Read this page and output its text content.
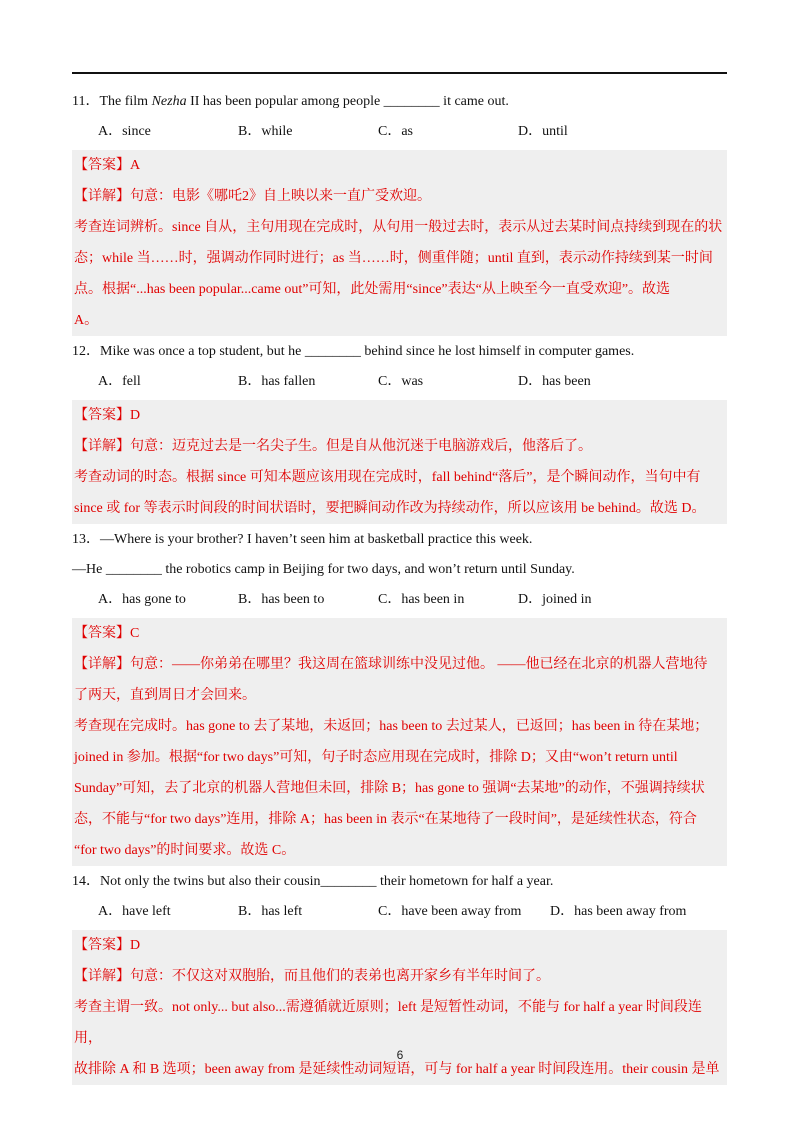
11．The film Nezha II has been popular among people ________ it came out.

A．since	B．while	C．as	D．until

【答案】A

【详解】句意：电影《哪吒2》自上映以来一直广受欢迎。

考查连词辨析。since 自从，主句用现在完成时，从句用一般过去时，表示从过去某时间点持续到现在的状

态；while 当……时，强调动作同时进行；as 当……时，侧重伴随；until 直到，表示动作持续到某一时间

点。根据“...has been popular...came out”可知，此处需用“since”表达“从上映至今一直受欢迎”。故选

A。

12．Mike was once a top student, but he ________ behind since he lost himself in computer games.

A．fell	B．has fallen	C．was	D．has been

【答案】D

【详解】句意：迈克过去是一名尖子生。但是自从他沉迷于电脑游戏后，他落后了。

考查动词的时态。根据 since 可知本题应该用现在完成时，fall behind“落后”，是个瞬间动作，当句中有

since 或 for 等表示时间段的时间状语时，要把瞬间动作改为持续动作，所以应该用 be behind。故选 D。

13．—Where is your brother? I haven’t seen him at basketball practice this week.

—He ________ the robotics camp in Beijing for two days, and won’t return until Sunday.

A．has gone to	B．has been to	C．has been in	D．joined in

【答案】C

【详解】句意：——你弟弟在哪里？我这周在篮球训练中没见过他。 ——他已经在北京的机器人营地待

了两天，直到周日才会回来。

考查现在完成时。has gone to 去了某地，未返回；has been to 去过某人，已返回；has been in 待在某地；

joined in 参加。根据“for two days”可知，句子时态应用现在完成时，排除 D；又由“won’t return until

Sunday”可知，去了北京的机器人营地但未回，排除 B；has gone to 强调“去某地”的动作，不强调持续状

态，不能与“for two days”连用，排除 A；has been in 表示“在某地待了一段时间”，是延续性状态，符合

“for two days”的时间要求。故选 C。

14．Not only the twins but also their cousin________ their hometown for half a year.

A．have left	B．has left	C．have been away from	D．has been away from

【答案】D

【详解】句意：不仅这对双胞胎，而且他们的表弟也离开家乡有半年时间了。

考查主谓一致。not only... but also...需遵循就近原则；left 是短暂性动词，不能与 for half a year 时间段连用，

故排除 A 和 B 选项；been away from 是延续性动词短语，可与 for half a year 时间段连用。their cousin 是单

6
